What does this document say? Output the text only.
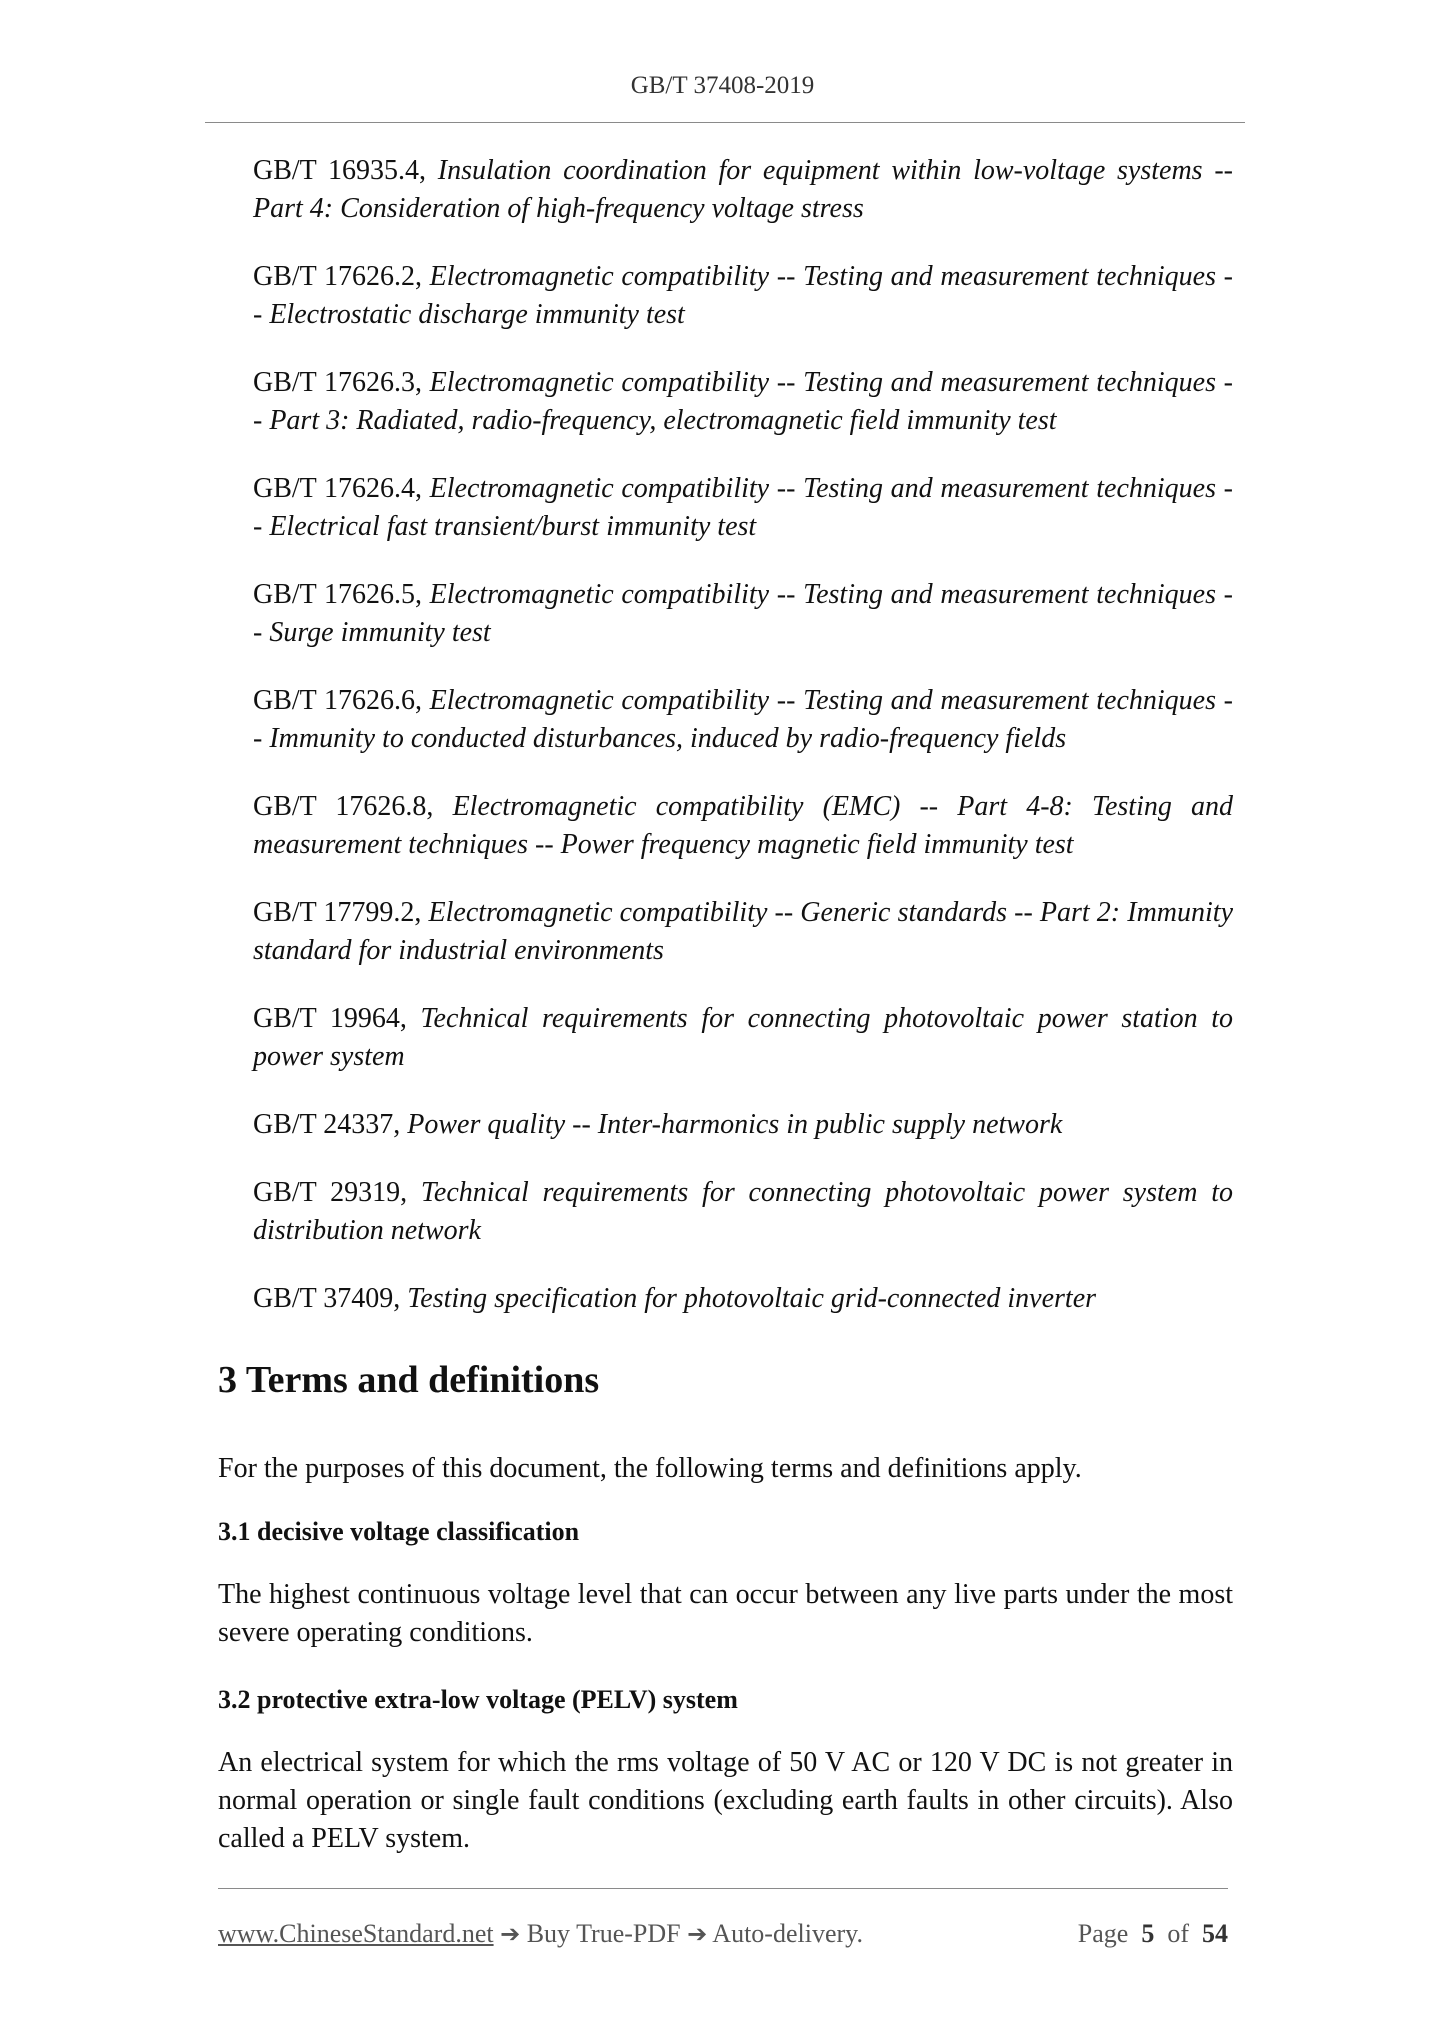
GB/T 37408-2019

GB/T 16935.4, Insulation coordination for equipment within low-voltage systems -- Part 4: Consideration of high-frequency voltage stress

GB/T 17626.2, Electromagnetic compatibility -- Testing and measurement techniques -- Electrostatic discharge immunity test

GB/T 17626.3, Electromagnetic compatibility -- Testing and measurement techniques -- Part 3: Radiated, radio-frequency, electromagnetic field immunity test

GB/T 17626.4, Electromagnetic compatibility -- Testing and measurement techniques -- Electrical fast transient/burst immunity test

GB/T 17626.5, Electromagnetic compatibility -- Testing and measurement techniques -- Surge immunity test

GB/T 17626.6, Electromagnetic compatibility -- Testing and measurement techniques -- Immunity to conducted disturbances, induced by radio-frequency fields

GB/T 17626.8, Electromagnetic compatibility (EMC) -- Part 4-8: Testing and measurement techniques -- Power frequency magnetic field immunity test

GB/T 17799.2, Electromagnetic compatibility -- Generic standards -- Part 2: Immunity standard for industrial environments

GB/T 19964, Technical requirements for connecting photovoltaic power station to power system

GB/T 24337, Power quality -- Inter-harmonics in public supply network

GB/T 29319, Technical requirements for connecting photovoltaic power system to distribution network

GB/T 37409, Testing specification for photovoltaic grid-connected inverter

3 Terms and definitions

For the purposes of this document, the following terms and definitions apply.

3.1 decisive voltage classification

The highest continuous voltage level that can occur between any live parts under the most severe operating conditions.

3.2 protective extra-low voltage (PELV) system

An electrical system for which the rms voltage of 50 V AC or 120 V DC is not greater in normal operation or single fault conditions (excluding earth faults in other circuits). Also called a PELV system.

www.ChineseStandard.net ➔ Buy True-PDF ➔ Auto-delivery.	Page 5 of 54
